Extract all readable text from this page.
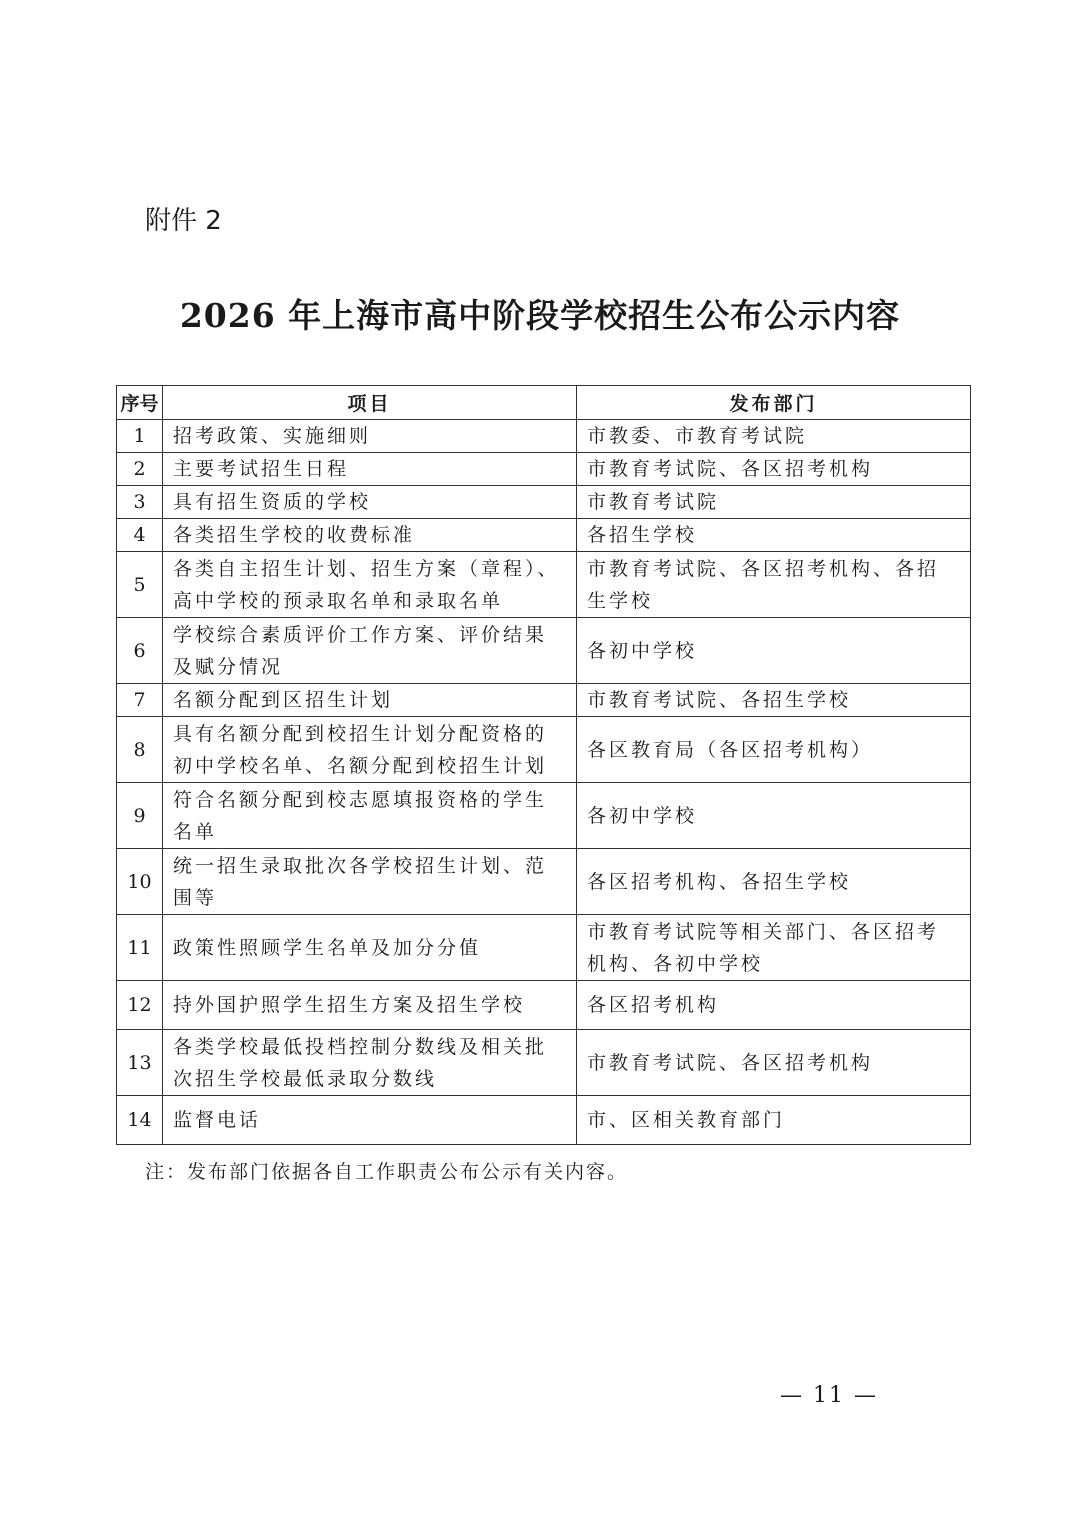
附件 2
2026 年上海市高中阶段学校招生公布公示内容
序号	项目	发布部门
1	招考政策、实施细则	市教委、市教育考试院
2	主要考试招生日程	市教育考试院、各区招考机构
3	具有招生资质的学校	市教育考试院
4	各类招生学校的收费标准	各招生学校
5	各类自主招生计划、招生方案（章程）、高中学校的预录取名单和录取名单	市教育考试院、各区招考机构、各招生学校
6	学校综合素质评价工作方案、评价结果及赋分情况	各初中学校
7	名额分配到区招生计划	市教育考试院、各招生学校
8	具有名额分配到校招生计划分配资格的初中学校名单、名额分配到校招生计划	各区教育局（各区招考机构）
9	符合名额分配到校志愿填报资格的学生名单	各初中学校
10	统一招生录取批次各学校招生计划、范围等	各区招考机构、各招生学校
11	政策性照顾学生名单及加分分值	市教育考试院等相关部门、各区招考机构、各初中学校
12	持外国护照学生招生方案及招生学校	各区招考机构
13	各类学校最低投档控制分数线及相关批次招生学校最低录取分数线	市教育考试院、各区招考机构
14	监督电话	市、区相关教育部门
注：发布部门依据各自工作职责公布公示有关内容。
— 11 —
